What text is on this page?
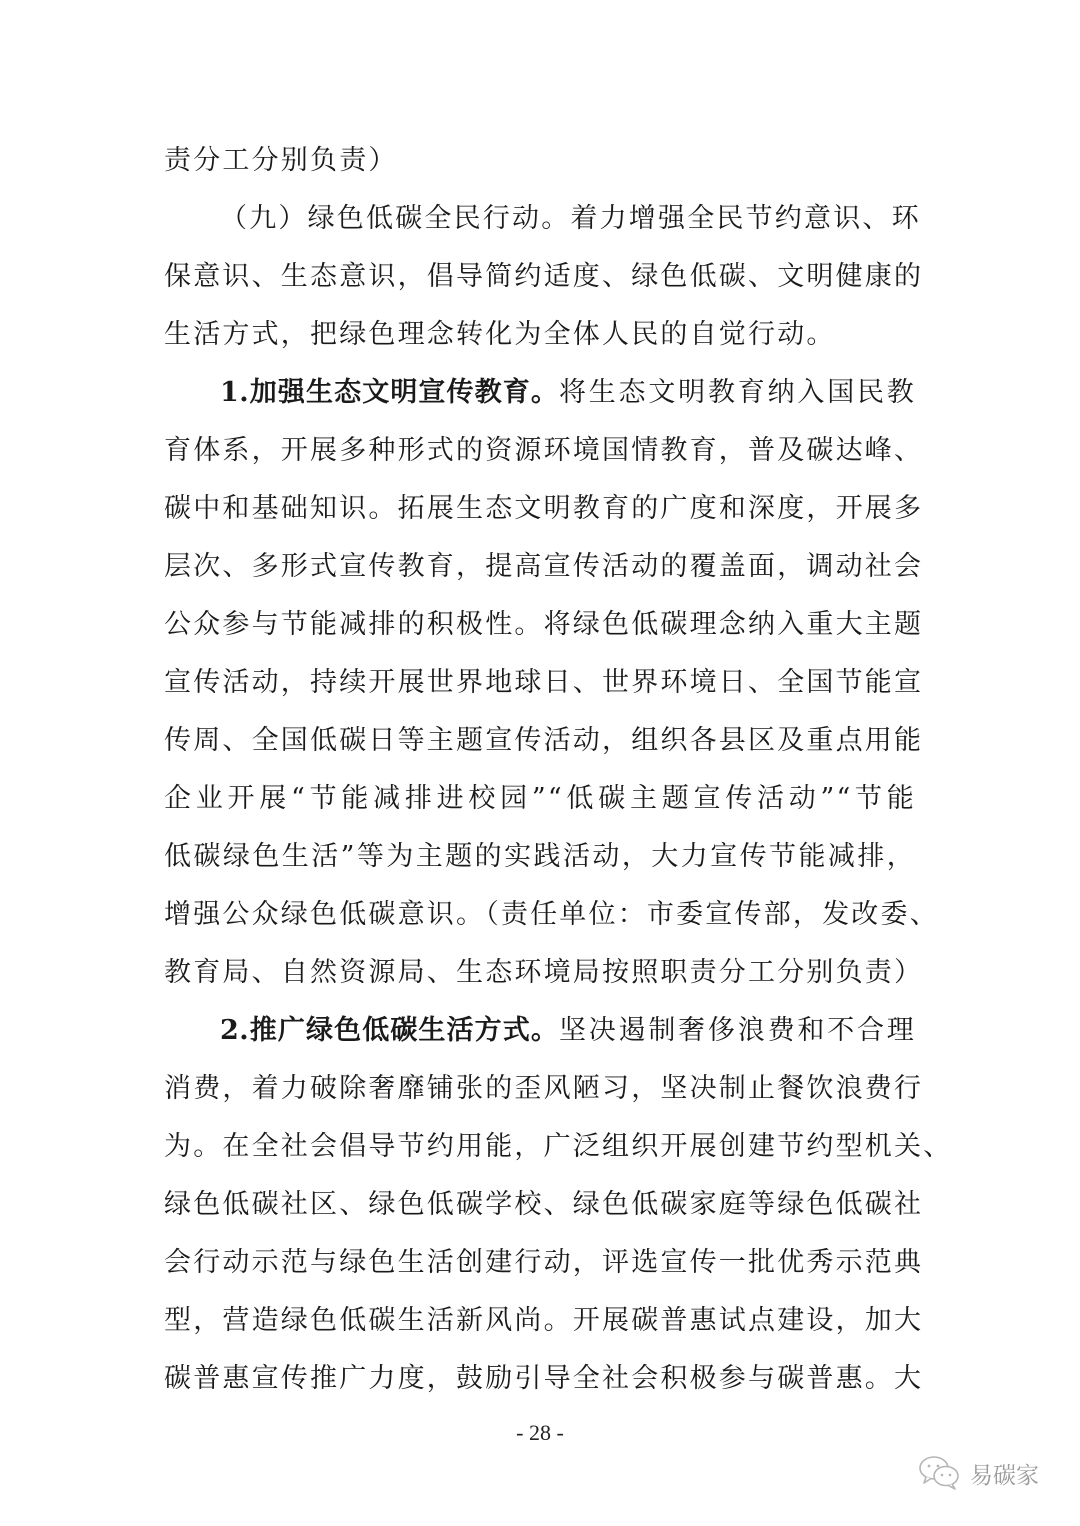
责分工分别负责）
（九）绿色低碳全民行动。着力增强全民节约意识、环
保意识、生态意识，倡导简约适度、绿色低碳、文明健康的
生活方式，把绿色理念转化为全体人民的自觉行动。
1.加强生态文明宣传教育。将生态文明教育纳入国民教
育体系，开展多种形式的资源环境国情教育，普及碳达峰、
碳中和基础知识。拓展生态文明教育的广度和深度，开展多
层次、多形式宣传教育，提高宣传活动的覆盖面，调动社会
公众参与节能减排的积极性。将绿色低碳理念纳入重大主题
宣传活动，持续开展世界地球日、世界环境日、全国节能宣
传周、全国低碳日等主题宣传活动，组织各县区及重点用能
企业开展“节能减排进校园”“低碳主题宣传活动”“节能
低碳绿色生活”等为主题的实践活动，大力宣传节能减排，
增强公众绿色低碳意识。（责任单位：市委宣传部，发改委、
教育局、自然资源局、生态环境局按照职责分工分别负责）
2.推广绿色低碳生活方式。坚决遏制奢侈浪费和不合理
消费，着力破除奢靡铺张的歪风陋习，坚决制止餐饮浪费行
为。在全社会倡导节约用能，广泛组织开展创建节约型机关、
绿色低碳社区、绿色低碳学校、绿色低碳家庭等绿色低碳社
会行动示范与绿色生活创建行动，评选宣传一批优秀示范典
型，营造绿色低碳生活新风尚。开展碳普惠试点建设，加大
碳普惠宣传推广力度，鼓励引导全社会积极参与碳普惠。大
- 28 -
易碳家
